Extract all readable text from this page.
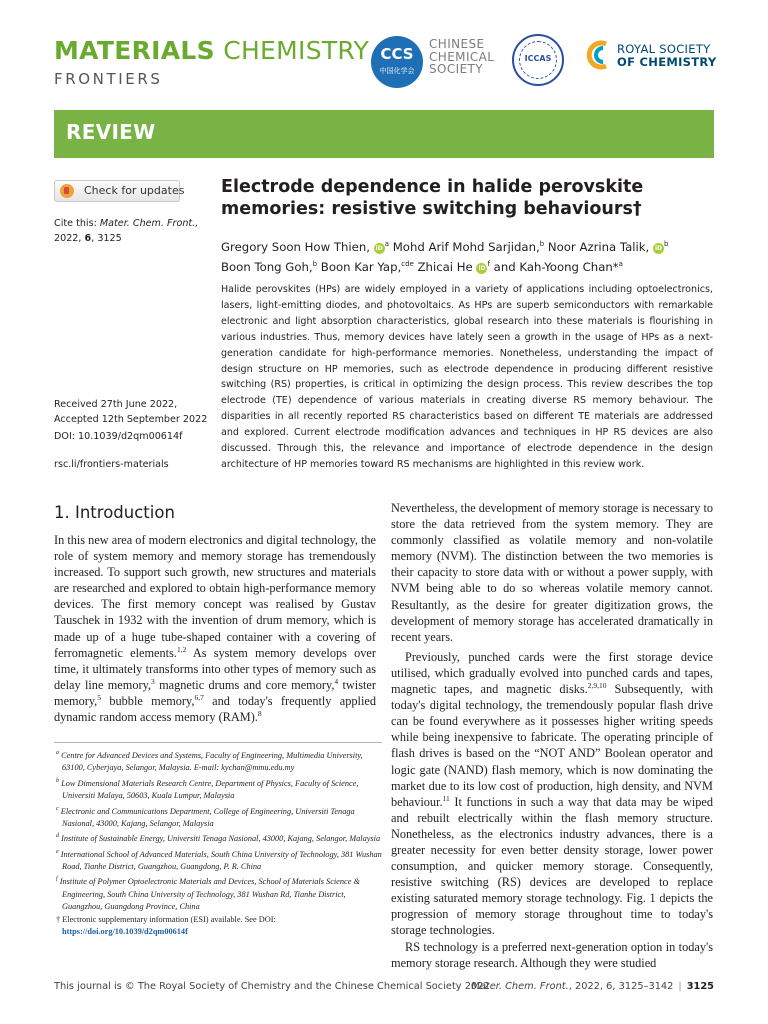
MATERIALS CHEMISTRY
FRONTIERS
CCS
中国化学会
CHINESE
CHEMICAL
SOCIETY
ICCAS
ROYAL SOCIETY
OF CHEMISTRY
REVIEW
Check for updates
Cite this: Mater. Chem. Front.,
2022, 6, 3125
Received 27th June 2022,
Accepted 12th September 2022
DOI: 10.1039/d2qm00614f
rsc.li/frontiers-materials
Electrode dependence in halide perovskite memories: resistive switching behaviours†
Gregory Soon How Thien, $iD^a$ Mohd Arif Mohd Sarjidan,$^b$ Noor Azrina Talik, $iD^b$
Boon Tong Goh,$^b$ Boon Kar Yap,$^{cde}$ Zhicai He $iD^f$ and Kah-Yoong Chan*$^a$
Halide perovskites (HPs) are widely employed in a variety of applications including optoelectronics, lasers, light-emitting diodes, and photovoltaics. As HPs are superb semiconductors with remarkable electronic and light absorption characteristics, global research into these materials is flourishing in various industries. Thus, memory devices have lately seen a growth in the usage of HPs as a next-generation candidate for high-performance memories. Nonetheless, understanding the impact of design structure on HP memories, such as electrode dependence in producing different resistive switching (RS) properties, is critical in optimizing the design process. This review describes the top electrode (TE) dependence of various materials in creating diverse RS memory behaviour. The disparities in all recently reported RS characteristics based on different TE materials are addressed and explored. Current electrode modification advances and techniques in HP RS devices are also discussed. Through this, the relevance and importance of electrode dependence in the design architecture of HP memories toward RS mechanisms are highlighted in this review work.
1. Introduction

In this new area of modern electronics and digital technology, the role of system memory and memory storage has tremendously increased. To support such growth, new structures and materials are researched and explored to obtain high-performance memory devices. The first memory concept was realised by Gustav Tauschek in 1932 with the invention of drum memory, which is made up of a huge tube-shaped container with a covering of ferromagnetic elements.$^{1,2}$ As system memory develops over time, it ultimately transforms into other types of memory such as delay line memory,$^3$ magnetic drums and core memory,$^4$ twister memory,$^5$ bubble memory,$^{6,7}$ and today's frequently applied dynamic random access memory (RAM).$^8$

$^a$ Centre for Advanced Devices and Systems, Faculty of Engineering, Multimedia University, 63100, Cyberjaya, Selangor, Malaysia. E-mail: kychan@mmu.edu.my

$^b$ Low Dimensional Materials Research Centre, Department of Physics, Faculty of Science, Universiti Malaya, 50603, Kuala Lumpur, Malaysia

$^c$ Electronic and Communications Department, College of Engineering, Universiti Tenaga Nasional, 43000, Kajang, Selangor, Malaysia

$^d$ Institute of Sustainable Energy, Universiti Tenaga Nasional, 43000, Kajang, Selangor, Malaysia

$^e$ International School of Advanced Materials, South China University of Technology, 381 Wushan Road, Tianhe District, Guangzhou, Guangdong, P. R. China

$^f$ Institute of Polymer Optoelectronic Materials and Devices, School of Materials Science & Engineering, South China University of Technology, 381 Wushan Rd, Tianhe District, Guangzhou, Guangdong Province, China

† Electronic supplementary information (ESI) available. See DOI: https://doi.org/10.1039/d2qm00614f

Nevertheless, the development of memory storage is necessary to store the data retrieved from the system memory. They are commonly classified as volatile memory and non-volatile memory (NVM). The distinction between the two memories is their capacity to store data with or without a power supply, with NVM being able to do so whereas volatile memory cannot. Resultantly, as the desire for greater digitization grows, the development of memory storage has accelerated dramatically in recent years.

Previously, punched cards were the first storage device utilised, which gradually evolved into punched cards and tapes, magnetic tapes, and magnetic disks.$^{2,9,10}$ Subsequently, with today's digital technology, the tremendously popular flash drive can be found everywhere as it possesses higher writing speeds while being inexpensive to fabricate. The operating principle of flash drives is based on the “NOT AND” Boolean operator and logic gate (NAND) flash memory, which is now dominating the market due to its low cost of production, high density, and NVM behaviour.$^{11}$ It functions in such a way that data may be wiped and rebuilt electrically within the flash memory structure. Nonetheless, as the electronics industry advances, there is a greater necessity for even better density storage, lower power consumption, and quicker memory storage. Consequently, resistive switching (RS) devices are developed to replace existing saturated memory storage technology. Fig. 1 depicts the progression of memory storage throughout time to today's storage technologies.

RS technology is a preferred next-generation option in today's memory storage research. Although they were studied

This journal is © The Royal Society of Chemistry and the Chinese Chemical Society 2022
Mater. Chem. Front., 2022, 6, 3125–3142 | 3125
